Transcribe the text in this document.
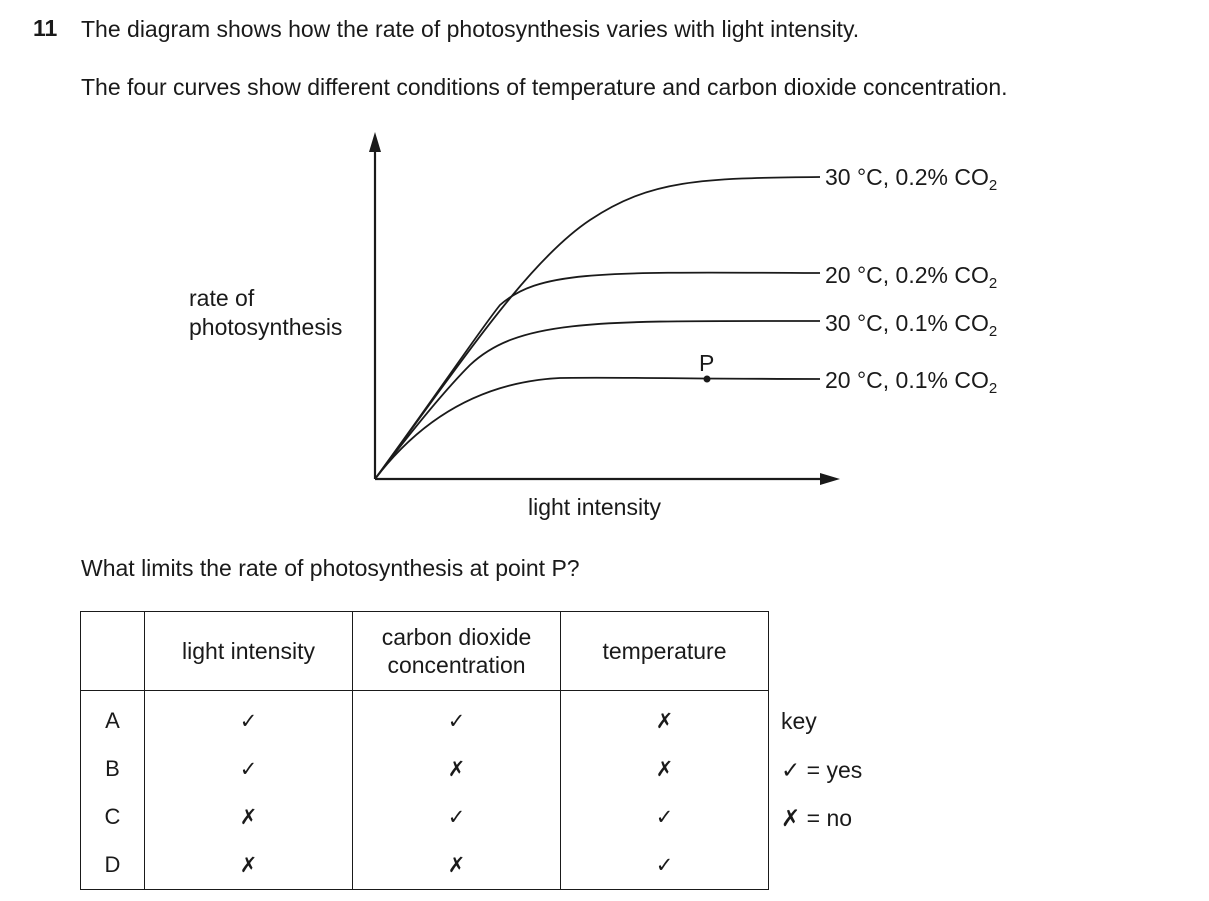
11 The diagram shows how the rate of photosynthesis varies with light intensity.
The four curves show different conditions of temperature and carbon dioxide concentration.
rate of
photosynthesis
light intensity
P
30 °C, 0.2% $CO_2$
20 °C, 0.2% $CO_2$
30 °C, 0.1% $CO_2$
20 °C, 0.1% $CO_2$
What limits the rate of photosynthesis at point P?
	light intensity	carbon dioxide
concentration	temperature
A	✓	✓	✗
B	✓	✗	✗
C	✗	✓	✓
D	✗	✗	✓
key
✓ = yes
✗ = no
